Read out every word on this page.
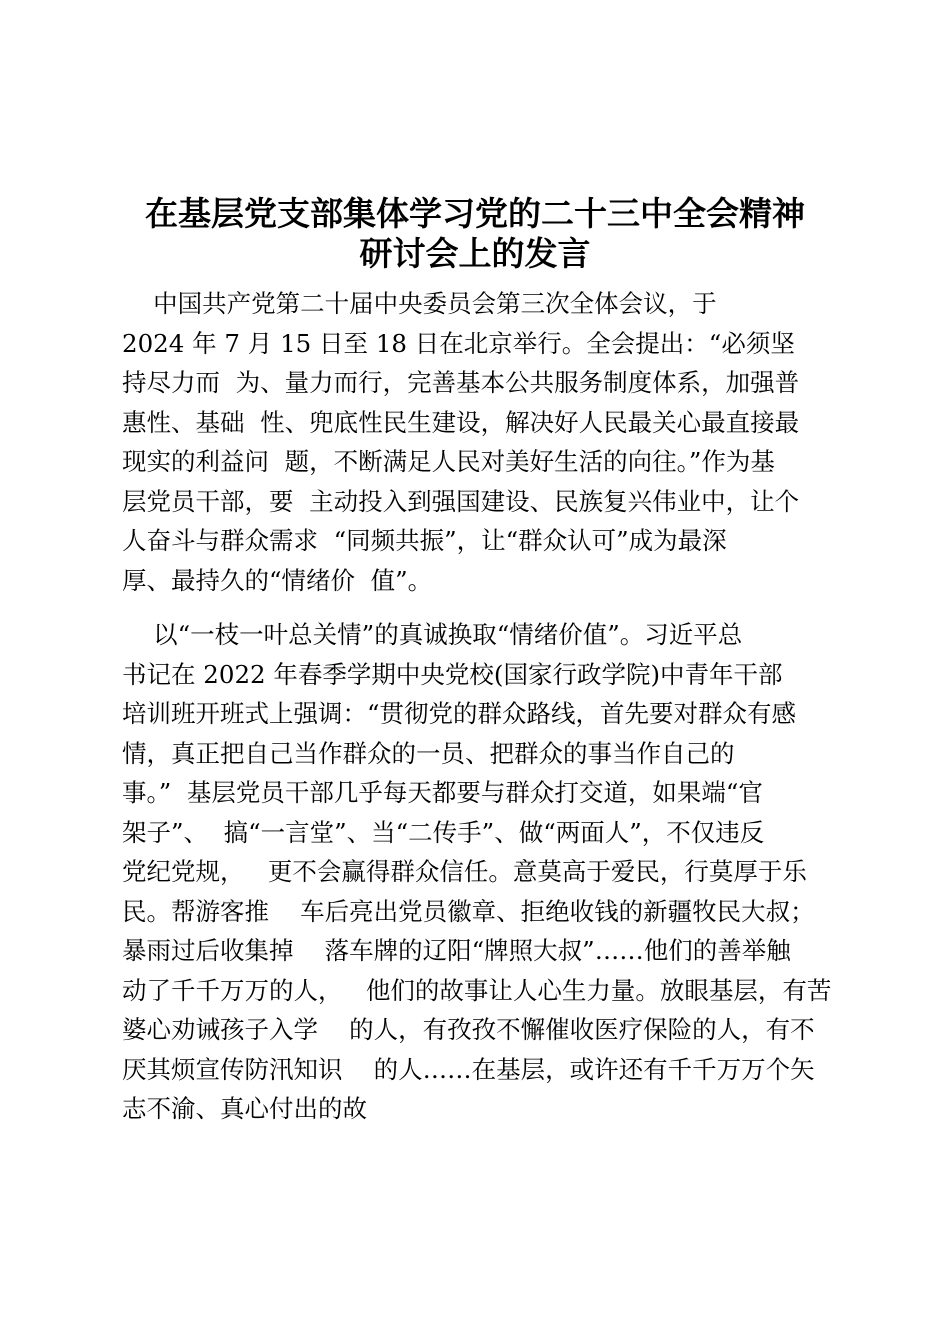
在基层党支部集体学习党的二十三中全会精神
研讨会上的发言
中国共产党第二十届中央委员会第三次全体会议，于
2024 年 7 月 15 日至 18 日在北京举行。全会提出：“必须坚
持尽力而  为、量力而行，完善基本公共服务制度体系，加强普
惠性、基础  性、兜底性民生建设，解决好人民最关心最直接最
现实的利益问  题，不断满足人民对美好生活的向往。”作为基
层党员干部，要  主动投入到强国建设、民族复兴伟业中，让个
人奋斗与群众需求  “同频共振”，让“群众认可”成为最深
厚、最持久的“情绪价  值”。
以“一枝一叶总关情”的真诚换取“情绪价值”。习近平总
书记在 2022 年春季学期中央党校(国家行政学院)中青年干部
培训班开班式上强调：“贯彻党的群众路线，首先要对群众有感
情，真正把自己当作群众的一员、把群众的事当作自己的
事。”  基层党员干部几乎每天都要与群众打交道，如果端“官
架子”、  搞“一言堂”、当“二传手”、做“两面人”，不仅违反
党纪党规，   更不会赢得群众信任。意莫高于爱民，行莫厚于乐
民。帮游客推    车后亮出党员徽章、拒绝收钱的新疆牧民大叔；
暴雨过后收集掉    落车牌的辽阳“牌照大叔”……他们的善举触
动了千千万万的人，   他们的故事让人心生力量。放眼基层，有苦
婆心劝诫孩子入学    的人，有孜孜不懈催收医疗保险的人，有不
厌其烦宣传防汛知识    的人……在基层，或许还有千千万万个矢
志不渝、真心付出的故
